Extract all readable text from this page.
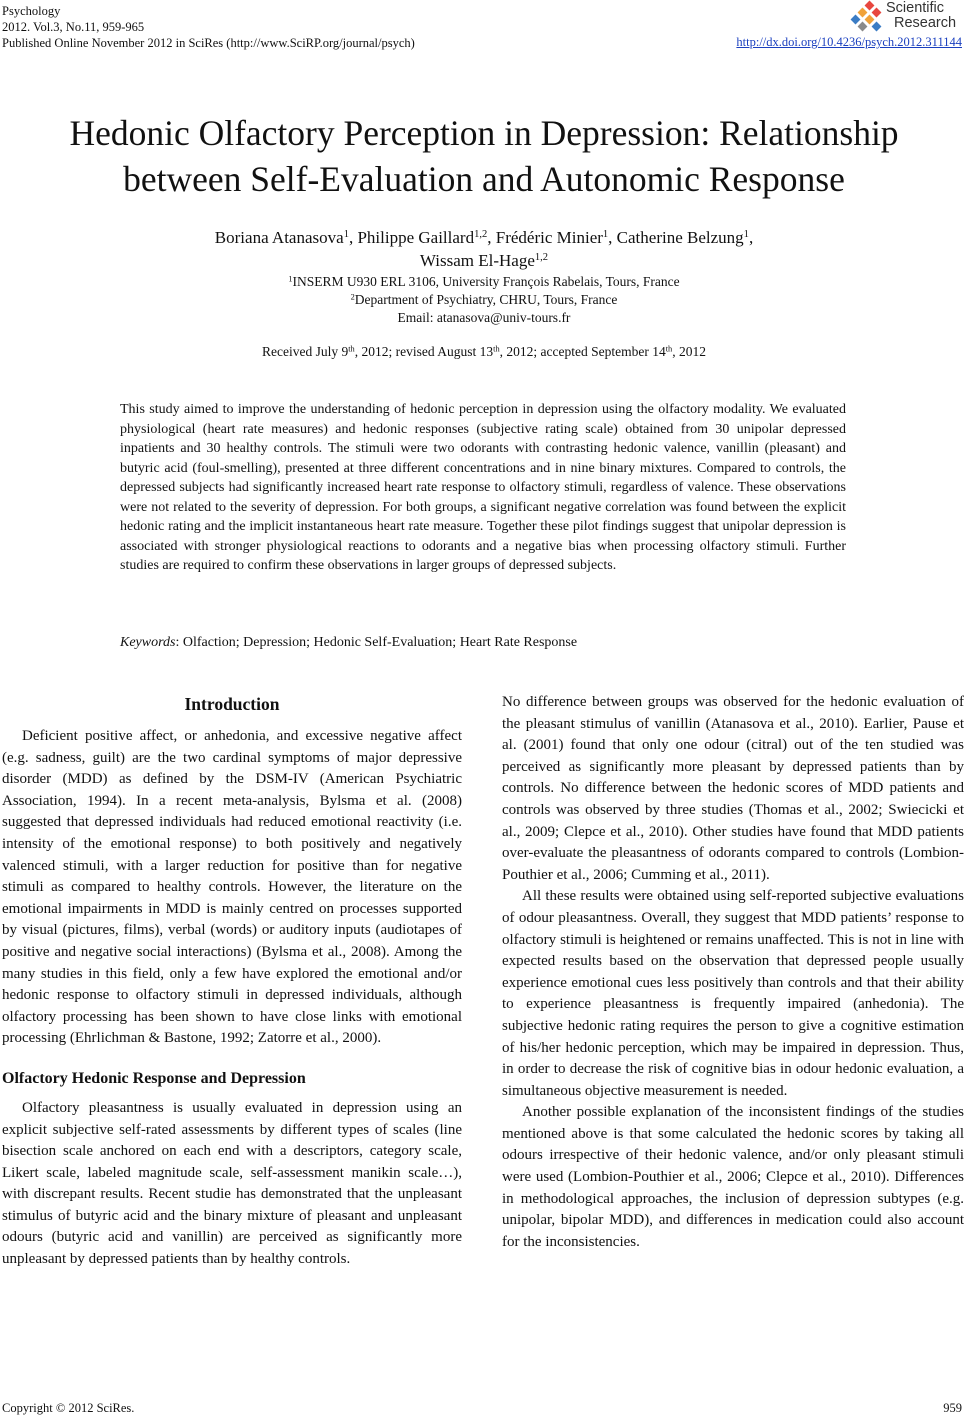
Psychology
2012. Vol.3, No.11, 959-965
Published Online November 2012 in SciRes (http://www.SciRP.org/journal/psych)
Scientific
Research
http://dx.doi.org/10.4236/psych.2012.311144
Hedonic Olfactory Perception in Depression: Relationship
between Self-Evaluation and Autonomic Response
Boriana Atanasova$^1$, Philippe Gaillard$^{1,2}$, Frédéric Minier$^1$, Catherine Belzung$^1$,
Wissam El-Hage$^{1,2}$
$^1$INSERM U930 ERL 3106, University François Rabelais, Tours, France
$^2$Department of Psychiatry, CHRU, Tours, France
Email: atanasova@univ-tours.fr
Received July 9th, 2012; revised August 13th, 2012; accepted September 14th, 2012
This study aimed to improve the understanding of hedonic perception in depression using the olfactory modality. We evaluated physiological (heart rate measures) and hedonic responses (subjective rating scale) obtained from 30 unipolar depressed inpatients and 30 healthy controls. The stimuli were two odorants with contrasting hedonic valence, vanillin (pleasant) and butyric acid (foul-smelling), presented at three different concentrations and in nine binary mixtures. Compared to controls, the depressed subjects had significantly increased heart rate response to olfactory stimuli, regardless of valence. These observations were not related to the severity of depression. For both groups, a significant negative correlation was found between the explicit hedonic rating and the implicit instantaneous heart rate measure. Together these pilot findings suggest that unipolar depression is associated with stronger physiological reactions to odorants and a negative bias when processing olfactory stimuli. Further studies are required to confirm these observations in larger groups of depressed subjects.
Keywords: Olfaction; Depression; Hedonic Self-Evaluation; Heart Rate Response
Introduction

Deficient positive affect, or anhedonia, and excessive negative affect (e.g. sadness, guilt) are the two cardinal symptoms of major depressive disorder (MDD) as defined by the DSM-IV (American Psychiatric Association, 1994). In a recent meta-analysis, Bylsma et al. (2008) suggested that depressed individuals had reduced emotional reactivity (i.e. intensity of the emotional response) to both positively and negatively valenced stimuli, with a larger reduction for positive than for negative stimuli as compared to healthy controls. However, the literature on the emotional impairments in MDD is mainly centred on processes supported by visual (pictures, films), verbal (words) or auditory inputs (audiotapes of positive and negative social interactions) (Bylsma et al., 2008). Among the many studies in this field, only a few have explored the emotional and/or hedonic response to olfactory stimuli in depressed individuals, although olfactory processing has been shown to have close links with emotional processing (Ehrlichman & Bastone, 1992; Zatorre et al., 2000).

Olfactory Hedonic Response and Depression

Olfactory pleasantness is usually evaluated in depression using an explicit subjective self-rated assessments by different types of scales (line bisection scale anchored on each end with a descriptors, category scale, Likert scale, labeled magnitude scale, self-assessment manikin scale…), with discrepant results. Recent studie has demonstrated that the unpleasant stimulus of butyric acid and the binary mixture of pleasant and unpleasant odours (butyric acid and vanillin) are perceived as significantly more unpleasant by depressed patients than by healthy controls.

No difference between groups was observed for the hedonic evaluation of the pleasant stimulus of vanillin (Atanasova et al., 2010). Earlier, Pause et al. (2001) found that only one odour (citral) out of the ten studied was perceived as significantly more pleasant by depressed patients than by controls. No difference between the hedonic scores of MDD patients and controls was observed by three studies (Thomas et al., 2002; Swiecicki et al., 2009; Clepce et al., 2010). Other studies have found that MDD patients over-evaluate the pleasantness of odorants compared to controls (Lombion-Pouthier et al., 2006; Cumming et al., 2011).

All these results were obtained using self-reported subjective evaluations of odour pleasantness. Overall, they suggest that MDD patients’ response to olfactory stimuli is heightened or remains unaffected. This is not in line with expected results based on the observation that depressed people usually experience emotional cues less positively than controls and that their ability to experience pleasantness is frequently impaired (anhedonia). The subjective hedonic rating requires the person to give a cognitive estimation of his/her hedonic perception, which may be impaired in depression. Thus, in order to decrease the risk of cognitive bias in odour hedonic evaluation, a simultaneous objective measurement is needed.

Another possible explanation of the inconsistent findings of the studies mentioned above is that some calculated the hedonic scores by taking all odours irrespective of their hedonic valence, and/or only pleasant stimuli were used (Lombion-Pouthier et al., 2006; Clepce et al., 2010). Differences in methodological approaches, the inclusion of depression subtypes (e.g. unipolar, bipolar MDD), and differences in medication could also account for the inconsistencies.

Copyright © 2012 SciRes.	959
